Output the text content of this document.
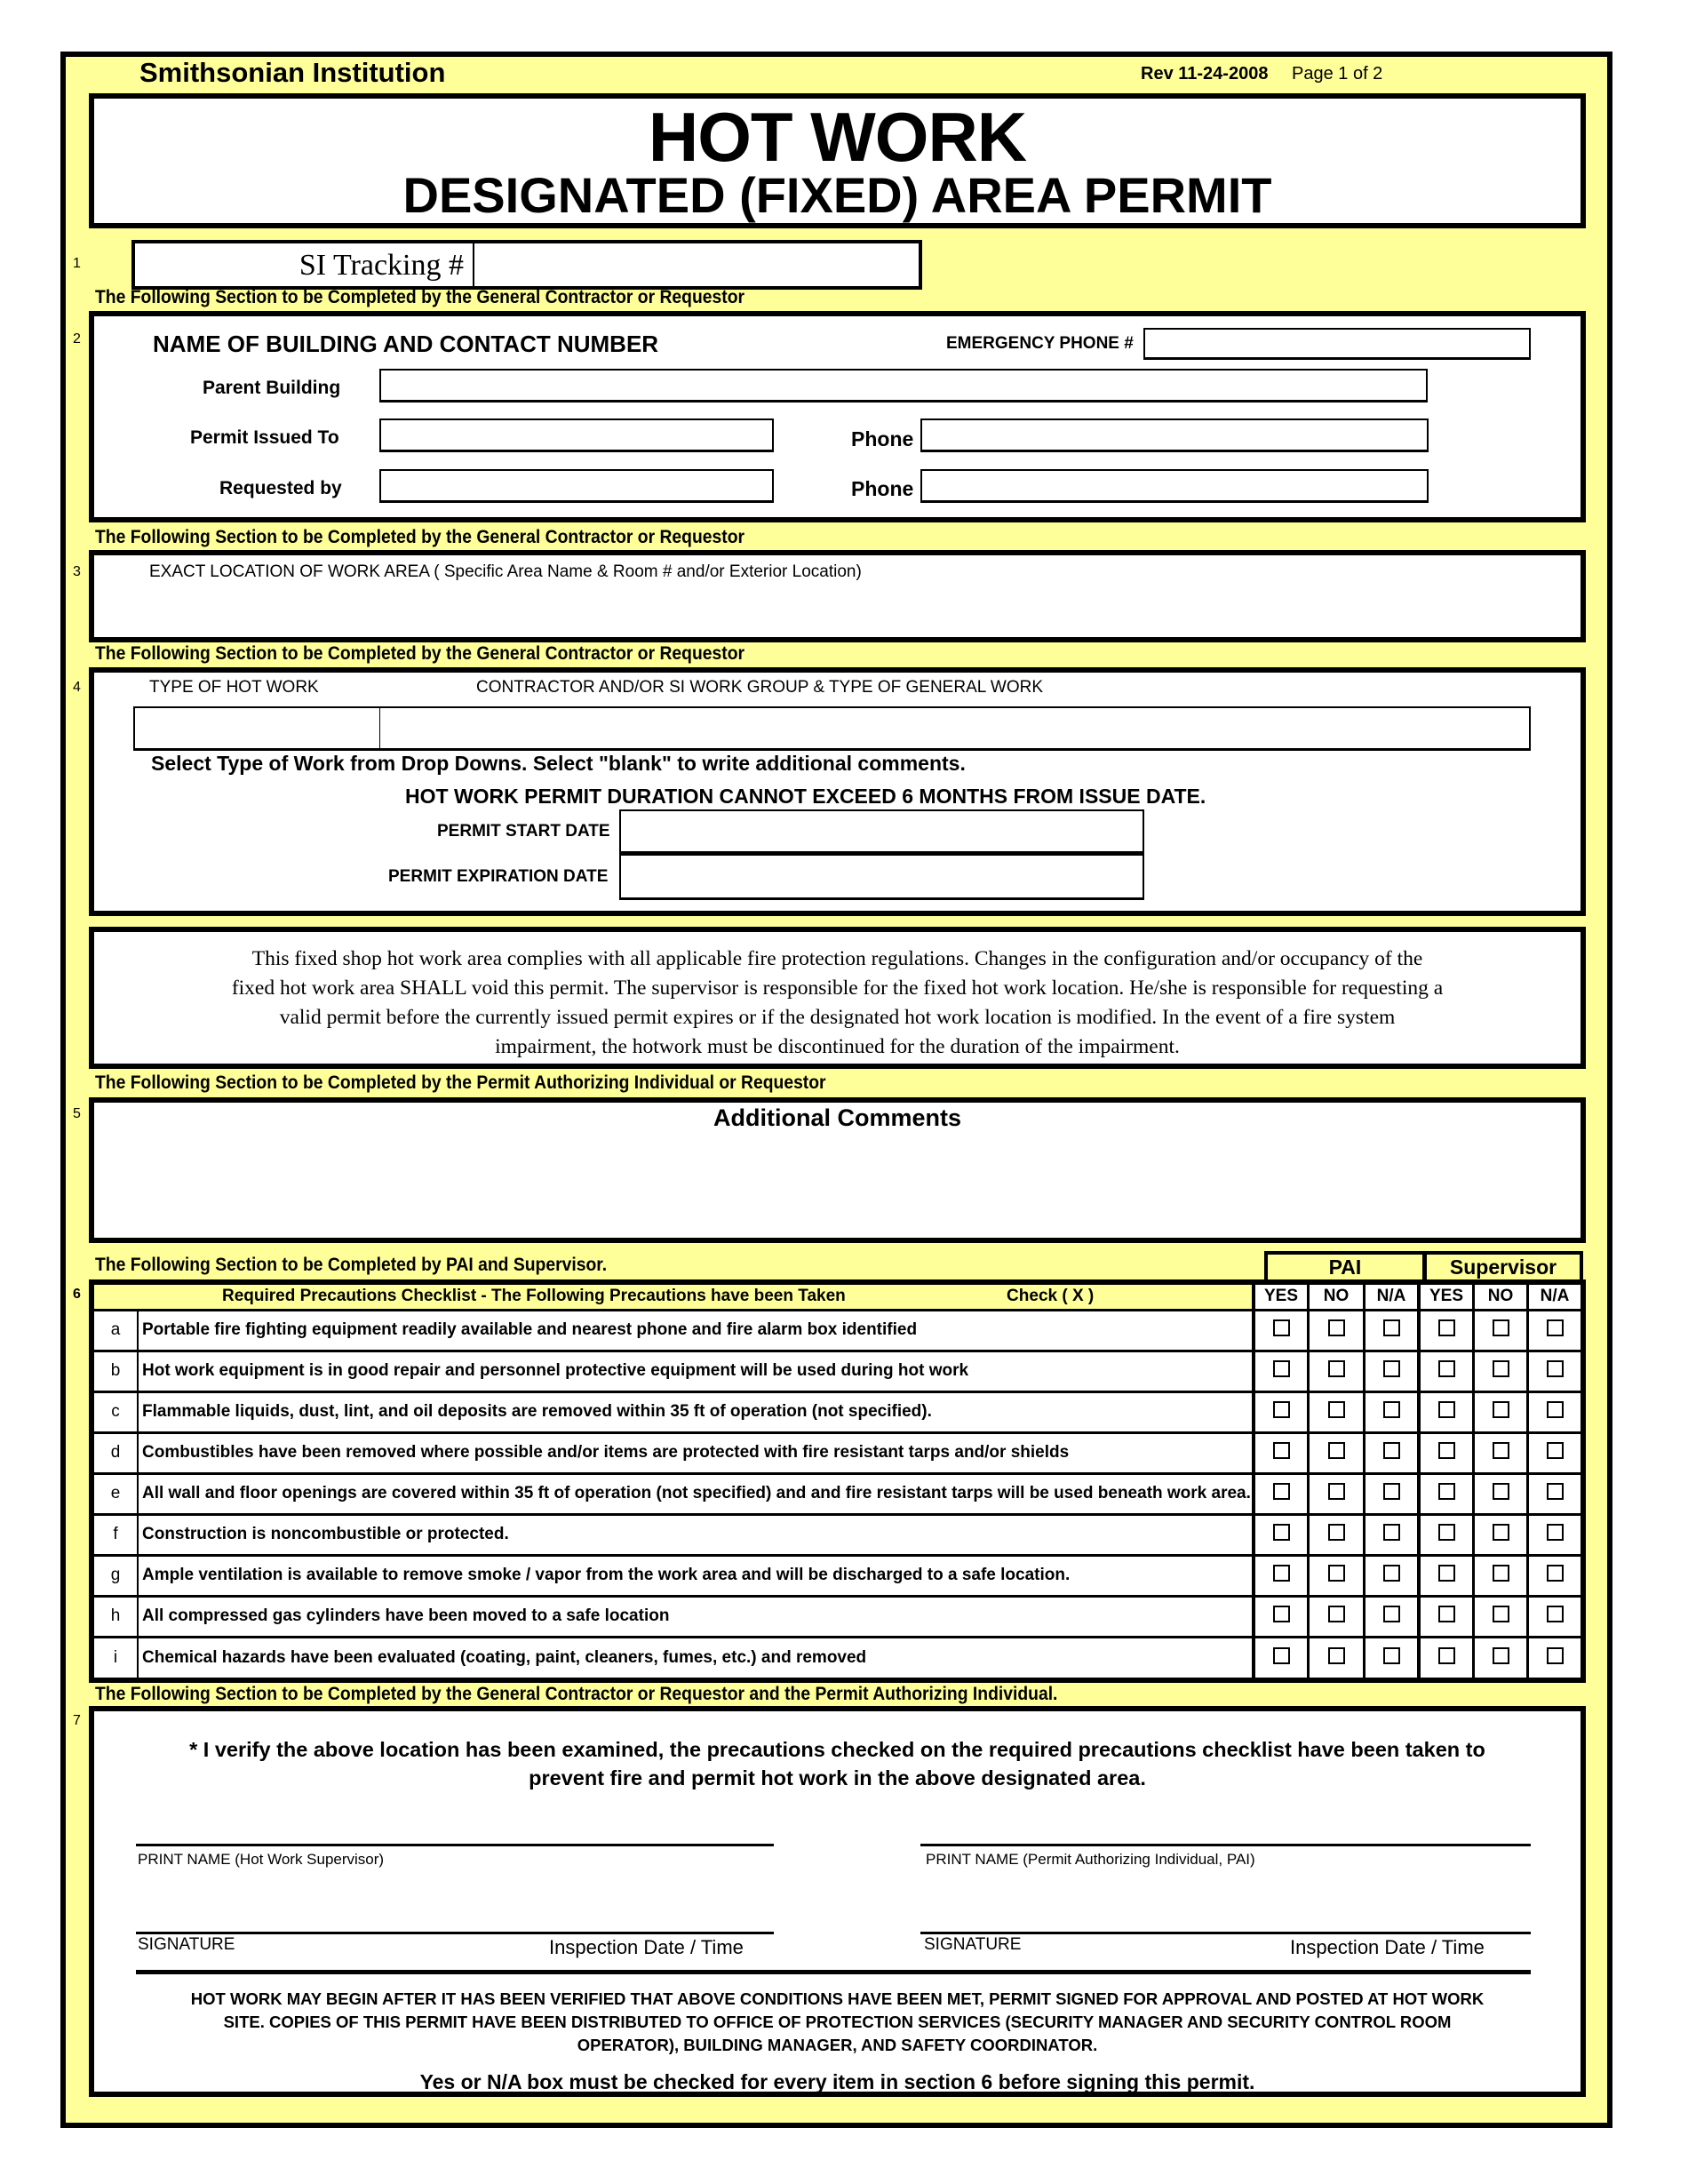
Smithsonian Institution	Rev 11-24-2008 Page 1 of 2
HOT WORK
DESIGNATED (FIXED) AREA PERMIT
1	SI Tracking #
The Following Section to be Completed by the General Contractor or Requestor
2	NAME OF BUILDING AND CONTACT NUMBER	EMERGENCY PHONE #
Parent Building
Permit Issued To	Phone
Requested by	Phone
The Following Section to be Completed by the General Contractor or Requestor
3	EXACT LOCATION OF WORK AREA ( Specific Area Name & Room # and/or Exterior Location)
The Following Section to be Completed by the General Contractor or Requestor
4	TYPE OF HOT WORK	CONTRACTOR AND/OR SI WORK GROUP & TYPE OF GENERAL WORK
Select Type of Work from Drop Downs. Select "blank" to write additional comments.
HOT WORK PERMIT DURATION CANNOT EXCEED 6 MONTHS FROM ISSUE DATE.
PERMIT START DATE
PERMIT EXPIRATION DATE
This fixed shop hot work area complies with all applicable fire protection regulations. Changes in the configuration and/or occupancy of the
fixed hot work area SHALL void this permit. The supervisor is responsible for the fixed hot work location. He/she is responsible for requesting a
valid permit before the currently issued permit expires or if the designated hot work location is modified. In the event of a fire system
impairment, the hotwork must be discontinued for the duration of the impairment.
The Following Section to be Completed by the Permit Authorizing Individual or Requestor
5	Additional Comments
The Following Section to be Completed by PAI and Supervisor.	PAI	Supervisor
6	Required Precautions Checklist - The Following Precautions have been Taken Check ( X )		YES	NO	N/A	YES	NO	N/A
a	Portable fire fighting equipment readily available and nearest phone and fire alarm box identified						
b	Hot work equipment is in good repair and personnel protective equipment will be used during hot work						
c	Flammable liquids, dust, lint, and oil deposits are removed within 35 ft of operation (not specified).						
d	Combustibles have been removed where possible and/or items are protected with fire resistant tarps and/or shields						
e	All wall and floor openings are covered within 35 ft of operation (not specified) and and fire resistant tarps will be used beneath work area.						
f	Construction is noncombustible or protected.						
g	Ample ventilation is available to remove smoke / vapor from the work area and will be discharged to a safe location.						
h	All compressed gas cylinders have been moved to a safe location						
i	Chemical hazards have been evaluated (coating, paint, cleaners, fumes, etc.) and removed						
The Following Section to be Completed by the General Contractor or Requestor and the Permit Authorizing Individual.
7
* I verify the above location has been examined, the precautions checked on the required precautions checklist have been taken to
prevent fire and permit hot work in the above designated area.
PRINT NAME (Hot Work Supervisor)	PRINT NAME (Permit Authorizing Individual, PAI)
SIGNATURE	Inspection Date / Time	SIGNATURE	Inspection Date / Time
HOT WORK MAY BEGIN AFTER IT HAS BEEN VERIFIED THAT ABOVE CONDITIONS HAVE BEEN MET, PERMIT SIGNED FOR APPROVAL AND POSTED AT HOT WORK
SITE. COPIES OF THIS PERMIT HAVE BEEN DISTRIBUTED TO OFFICE OF PROTECTION SERVICES (SECURITY MANAGER AND SECURITY CONTROL ROOM
OPERATOR), BUILDING MANAGER, AND SAFETY COORDINATOR.
Yes or N/A box must be checked for every item in section 6 before signing this permit.
